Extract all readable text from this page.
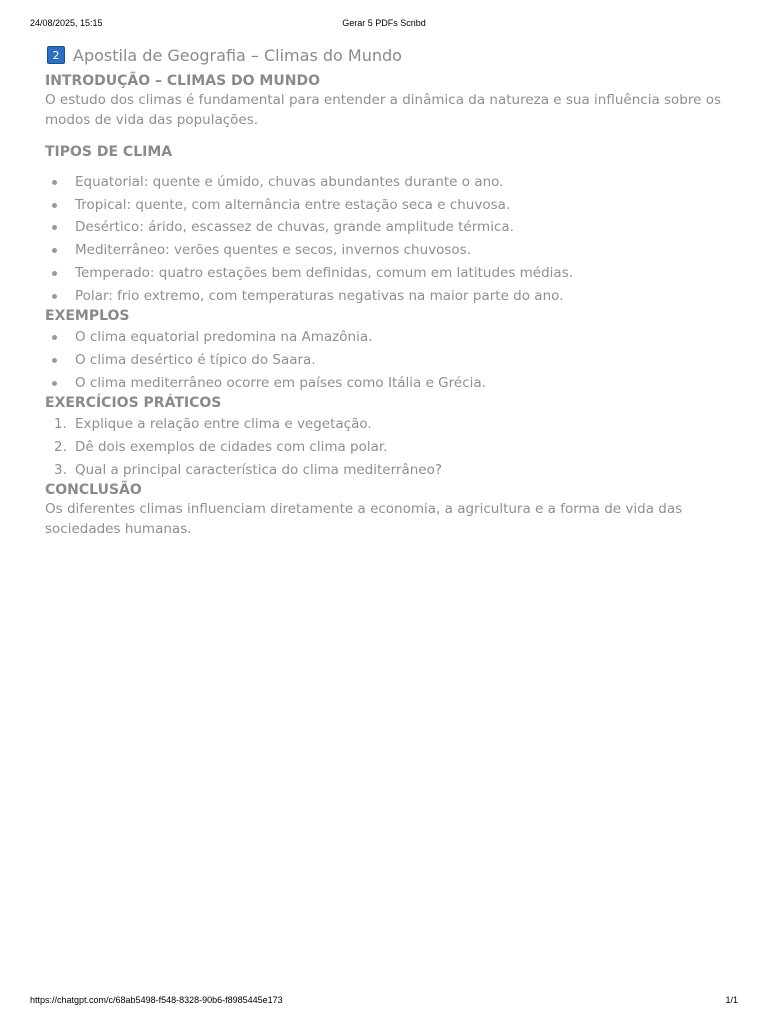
24/08/2025, 15:15	Gerar 5 PDFs Scribd
2 Apostila de Geografia – Climas do Mundo
INTRODUÇÃO – CLIMAS DO MUNDO

O estudo dos climas é fundamental para entender a dinâmica da natureza e sua influência sobre os modos de vida das populações.

TIPOS DE CLIMA
Equatorial: quente e úmido, chuvas abundantes durante o ano.
Tropical: quente, com alternância entre estação seca e chuvosa.
Desértico: árido, escassez de chuvas, grande amplitude térmica.
Mediterrâneo: verões quentes e secos, invernos chuvosos.
Temperado: quatro estações bem definidas, comum em latitudes médias.
Polar: frio extremo, com temperaturas negativas na maior parte do ano.
EXEMPLOS
O clima equatorial predomina na Amazônia.
O clima desértico é típico do Saara.
O clima mediterrâneo ocorre em países como Itália e Grécia.
EXERCÍCIOS PRÁTICOS
1. Explique a relação entre clima e vegetação.
2. Dê dois exemplos de cidades com clima polar.
3. Qual a principal característica do clima mediterrâneo?
CONCLUSÃO

Os diferentes climas influenciam diretamente a economia, a agricultura e a forma de vida das sociedades humanas.

https://chatgpt.com/c/68ab5498-f548-8328-90b6-f8985445e173	1/1
